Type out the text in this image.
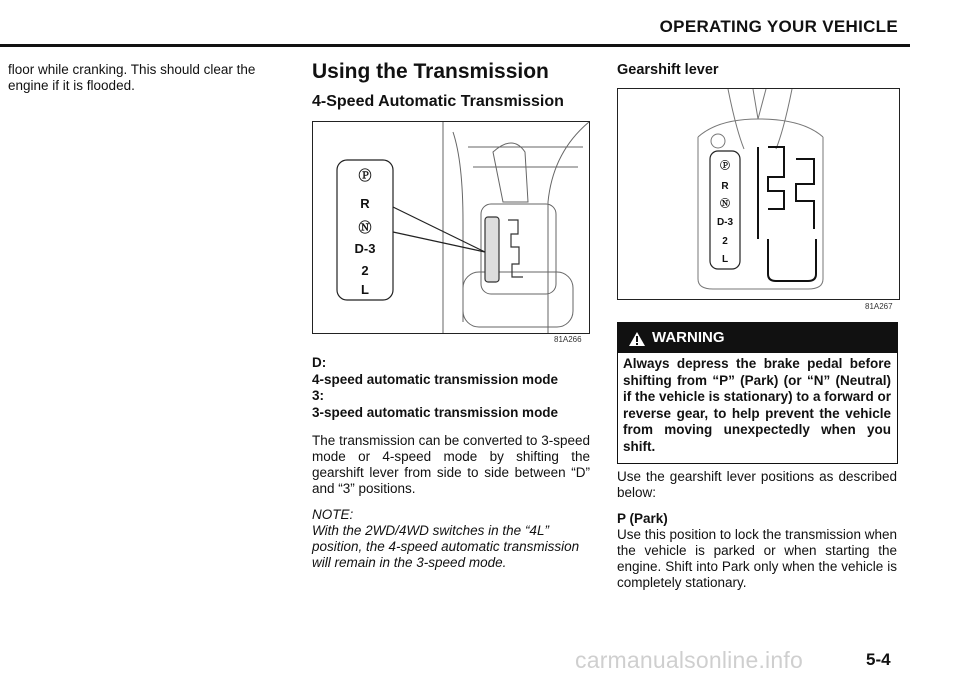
OPERATING YOUR VEHICLE
floor while cranking. This should clear the engine if it is flooded.
Using the Transmission
4-Speed Automatic Transmission
Ⓟ
R
Ⓝ
D-3
2
L
81A266
D:
4-speed automatic transmission mode
3:
3-speed automatic transmission mode
The transmission can be converted to 3-speed mode or 4-speed mode by shifting the gearshift lever from side to side between “D” and “3” positions.
NOTE:
With the 2WD/4WD switches in the “4L” position, the 4-speed automatic transmission will remain in the 3-speed mode.
Gearshift lever
Ⓟ
R
Ⓝ
D-3
2
L
81A267
WARNING
Always depress the brake pedal before shifting from “P” (Park) (or “N” (Neutral) if the vehicle is stationary) to a forward or reverse gear, to help prevent the vehicle from moving unexpectedly when you shift.
Use the gearshift lever positions as described below:
P (Park)
Use this position to lock the transmission when the vehicle is parked or when starting the engine. Shift into Park only when the vehicle is completely stationary.
carmanualsonline.info	5-4
